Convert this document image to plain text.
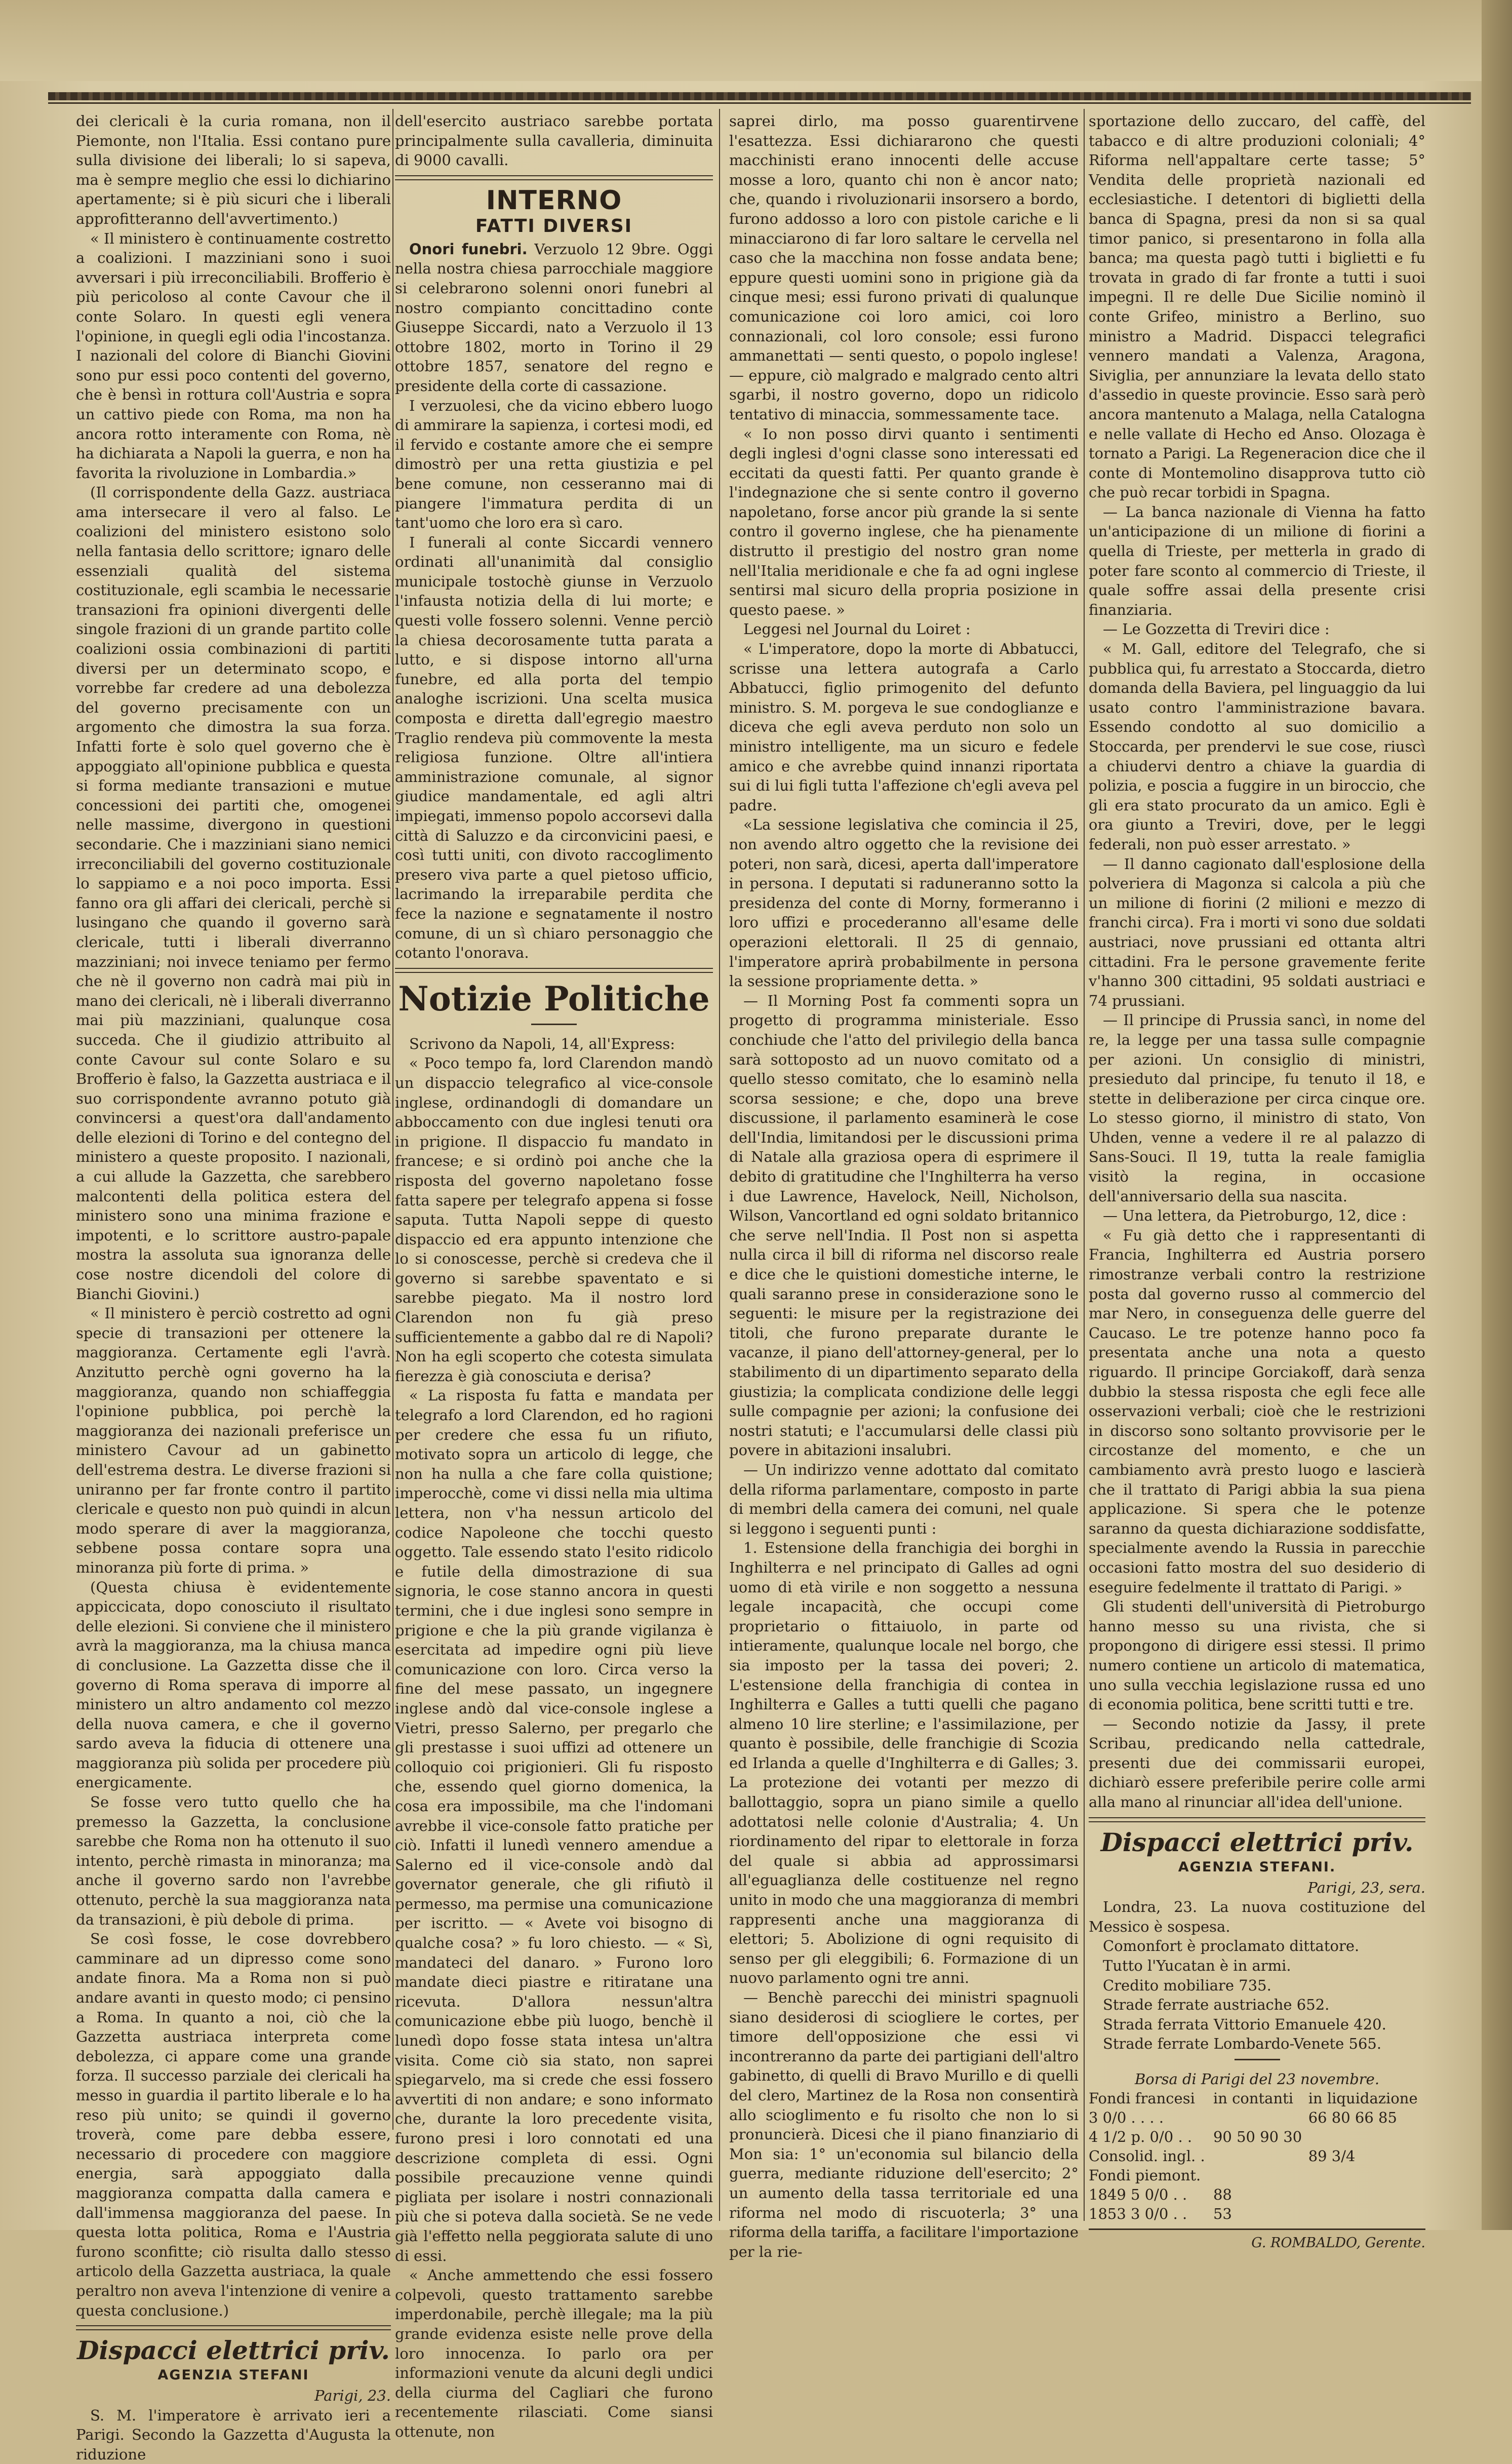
dei clericali è la curia romana, non il Piemonte, non l'Italia. Essi contano pure sulla divisione dei liberali; lo si sapeva, ma è sempre meglio che essi lo dichiarino apertamente; si è più sicuri che i liberali approfitteranno dell'avvertimento.)

« Il ministero è continuamente costretto a coalizioni. I mazziniani sono i suoi avversari i più irreconciliabili. Brofferio è più pericoloso al conte Cavour che il conte Solaro. In questi egli venera l'opinione, in quegli egli odia l'incostanza. I nazionali del colore di Bianchi Giovini sono pur essi poco contenti del governo, che è bensì in rottura coll'Austria e sopra un cattivo piede con Roma, ma non ha ancora rotto interamente con Roma, nè ha dichiarata a Napoli la guerra, e non ha favorita la rivoluzione in Lombardia.»

(Il corrispondente della Gazz. austriaca ama intersecare il vero al falso. Le coalizioni del ministero esistono solo nella fantasia dello scrittore; ignaro delle essenziali qualità del sistema costituzionale, egli scambia le necessarie transazioni fra opinioni divergenti delle singole frazioni di un grande partito colle coalizioni ossia combinazioni di partiti diversi per un determinato scopo, e vorrebbe far credere ad una debolezza del governo precisamente con un argomento che dimostra la sua forza. Infatti forte è solo quel governo che è appoggiato all'opinione pubblica e questa si forma mediante transazioni e mutue concessioni dei partiti che, omogenei nelle massime, divergono in questioni secondarie. Che i mazziniani siano nemici irreconciliabili del governo costituzionale lo sappiamo e a noi poco importa. Essi fanno ora gli affari dei clericali, perchè si lusingano che quando il governo sarà clericale, tutti i liberali diverranno mazziniani; noi invece teniamo per fermo che nè il governo non cadrà mai più in mano dei clericali, nè i liberali diverranno mai più mazziniani, qualunque cosa succeda. Che il giudizio attribuito al conte Cavour sul conte Solaro e su Brofferio è falso, la Gazzetta austriaca e il suo corrispondente avranno potuto già convincersi a quest'ora dall'andamento delle elezioni di Torino e del contegno del ministero a queste proposito. I nazionali, a cui allude la Gazzetta, che sarebbero malcontenti della politica estera del ministero sono una minima frazione e impotenti, e lo scrittore austro-papale mostra la assoluta sua ignoranza delle cose nostre dicendoli del colore di Bianchi Giovini.)

« Il ministero è perciò costretto ad ogni specie di transazioni per ottenere la maggioranza. Certamente egli l'avrà. Anzitutto perchè ogni governo ha la maggioranza, quando non schiaffeggia l'opinione pubblica, poi perchè la maggioranza dei nazionali preferisce un ministero Cavour ad un gabinetto dell'estrema destra. Le diverse frazioni si uniranno per far fronte contro il partito clericale e questo non può quindi in alcun modo sperare di aver la maggioranza, sebbene possa contare sopra una minoranza più forte di prima. »

(Questa chiusa è evidentemente appiccicata, dopo conosciuto il risultato delle elezioni. Si conviene che il ministero avrà la maggioranza, ma la chiusa manca di conclusione. La Gazzetta disse che il governo di Roma sperava di imporre al ministero un altro andamento col mezzo della nuova camera, e che il governo sardo aveva la fiducia di ottenere una maggioranza più solida per procedere più energicamente.

Se fosse vero tutto quello che ha premesso la Gazzetta, la conclusione sarebbe che Roma non ha ottenuto il suo intento, perchè rimasta in minoranza; ma anche il governo sardo non l'avrebbe ottenuto, perchè la sua maggioranza nata da transazioni, è più debole di prima.

Se così fosse, le cose dovrebbero camminare ad un dipresso come sono andate finora. Ma a Roma non si può andare avanti in questo modo; ci pensino a Roma. In quanto a noi, ciò che la Gazzetta austriaca interpreta come debolezza, ci appare come una grande forza. Il successo parziale dei clericali ha messo in guardia il partito liberale e lo ha reso più unito; se quindi il governo troverà, come pare debba essere, necessario di procedere con maggiore energia, sarà appoggiato dalla maggioranza compatta dalla camera e dall'immensa maggioranza del paese. In questa lotta politica, Roma e l'Austria furono sconfitte; ciò risulta dallo stesso articolo della Gazzetta austriaca, la quale peraltro non aveva l'intenzione di venire a questa conclusione.)

Dispacci elettrici priv.
AGENZIA STEFANI
Parigi, 23.

S. M. l'imperatore è arrivato ieri a Parigi. Secondo la Gazzetta d'Augusta la riduzione

dell'esercito austriaco sarebbe portata principalmente sulla cavalleria, diminuita di 9000 cavalli.

INTERNO
FATTI DIVERSI

Onori funebri. Verzuolo 12 9bre. Oggi nella nostra chiesa parrocchiale maggiore si celebrarono solenni onori funebri al nostro compianto concittadino conte Giuseppe Siccardi, nato a Verzuolo il 13 ottobre 1802, morto in Torino il 29 ottobre 1857, senatore del regno e presidente della corte di cassazione.

I verzuolesi, che da vicino ebbero luogo di ammirare la sapienza, i cortesi modi, ed il fervido e costante amore che ei sempre dimostrò per una retta giustizia e pel bene comune, non cesseranno mai di piangere l'immatura perdita di un tant'uomo che loro era sì caro.

I funerali al conte Siccardi vennero ordinati all'unanimità dal consiglio municipale tostochè giunse in Verzuolo l'infausta notizia della di lui morte; e questi volle fossero solenni. Venne perciò la chiesa decorosamente tutta parata a lutto, e si dispose intorno all'urna funebre, ed alla porta del tempio analoghe iscrizioni. Una scelta musica composta e diretta dall'egregio maestro Traglio rendeva più commovente la mesta religiosa funzione. Oltre all'intiera amministrazione comunale, al signor giudice mandamentale, ed agli altri impiegati, immenso popolo accorsevi dalla città di Saluzzo e da circonvicini paesi, e così tutti uniti, con divoto raccoglimento presero viva parte a quel pietoso ufficio, lacrimando la irreparabile perdita che fece la nazione e segnatamente il nostro comune, di un sì chiaro personaggio che cotanto l'onorava.

Notizie Politiche

Scrivono da Napoli, 14, all'Express:

« Poco tempo fa, lord Clarendon mandò un dispaccio telegrafico al vice-console inglese, ordinandogli di domandare un abboccamento con due inglesi tenuti ora in prigione. Il dispaccio fu mandato in francese; e si ordinò poi anche che la risposta del governo napoletano fosse fatta sapere per telegrafo appena si fosse saputa. Tutta Napoli seppe di questo dispaccio ed era appunto intenzione che lo si conoscesse, perchè si credeva che il governo si sarebbe spaventato e si sarebbe piegato. Ma il nostro lord Clarendon non fu già preso sufficientemente a gabbo dal re di Napoli? Non ha egli scoperto che cotesta simulata fierezza è già conosciuta e derisa?

« La risposta fu fatta e mandata per telegrafo a lord Clarendon, ed ho ragioni per credere che essa fu un rifiuto, motivato sopra un articolo di legge, che non ha nulla a che fare colla quistione; imperocchè, come vi dissi nella mia ultima lettera, non v'ha nessun articolo del codice Napoleone che tocchi questo oggetto. Tale essendo stato l'esito ridicolo e futile della dimostrazione di sua signoria, le cose stanno ancora in questi termini, che i due inglesi sono sempre in prigione e che la più grande vigilanza è esercitata ad impedire ogni più lieve comunicazione con loro. Circa verso la fine del mese passato, un ingegnere inglese andò dal vice-console inglese a Vietri, presso Salerno, per pregarlo che gli prestasse i suoi uffizi ad ottenere un colloquio coi prigionieri. Gli fu risposto che, essendo quel giorno domenica, la cosa era impossibile, ma che l'indomani avrebbe il vice-console fatto pratiche per ciò. Infatti il lunedì vennero amendue a Salerno ed il vice-console andò dal governator generale, che gli rifiutò il permesso, ma permise una comunicazione per iscritto. — « Avete voi bisogno di qualche cosa? » fu loro chiesto. — « Sì, mandateci del danaro. » Furono loro mandate dieci piastre e ritiratane una ricevuta. D'allora nessun'altra comunicazione ebbe più luogo, benchè il lunedì dopo fosse stata intesa un'altra visita. Come ciò sia stato, non saprei spiegarvelo, ma si crede che essi fossero avvertiti di non andare; e sono informato che, durante la loro precedente visita, furono presi i loro connotati ed una descrizione completa di essi. Ogni possibile precauzione venne quindi pigliata per isolare i nostri connazionali più che si poteva dalla società. Se ne vede già l'effetto nella peggiorata salute di uno di essi.

« Anche ammettendo che essi fossero colpevoli, questo trattamento sarebbe imperdonabile, perchè illegale; ma la più grande evidenza esiste nelle prove della loro innocenza. Io parlo ora per informazioni venute da alcuni degli undici della ciurma del Cagliari che furono recentemente rilasciati. Come siansi ottenute, non

saprei dirlo, ma posso guarentirvene l'esattezza. Essi dichiararono che questi macchinisti erano innocenti delle accuse mosse a loro, quanto chi non è ancor nato; che, quando i rivoluzionarii insorsero a bordo, furono addosso a loro con pistole cariche e li minacciarono di far loro saltare le cervella nel caso che la macchina non fosse andata bene; eppure questi uomini sono in prigione già da cinque mesi; essi furono privati di qualunque comunicazione coi loro amici, coi loro connazionali, col loro console; essi furono ammanettati — senti questo, o popolo inglese! — eppure, ciò malgrado e malgrado cento altri sgarbi, il nostro governo, dopo un ridicolo tentativo di minaccia, sommessamente tace.

« Io non posso dirvi quanto i sentimenti degli inglesi d'ogni classe sono interessati ed eccitati da questi fatti. Per quanto grande è l'indegnazione che si sente contro il governo napoletano, forse ancor più grande la si sente contro il governo inglese, che ha pienamente distrutto il prestigio del nostro gran nome nell'Italia meridionale e che fa ad ogni inglese sentirsi mal sicuro della propria posizione in questo paese. »

Leggesi nel Journal du Loiret :

« L'imperatore, dopo la morte di Abbatucci, scrisse una lettera autografa a Carlo Abbatucci, figlio primogenito del defunto ministro. S. M. porgeva le sue condoglianze e diceva che egli aveva perduto non solo un ministro intelligente, ma un sicuro e fedele amico e che avrebbe quind innanzi riportata sui di lui figli tutta l'affezione ch'egli aveva pel padre.

«La sessione legislativa che comincia il 25, non avendo altro oggetto che la revisione dei poteri, non sarà, dicesi, aperta dall'imperatore in persona. I deputati si raduneranno sotto la presidenza del conte di Morny, formeranno i loro uffizi e procederanno all'esame delle operazioni elettorali. Il 25 di gennaio, l'imperatore aprirà probabilmente in persona la sessione propriamente detta. »

— Il Morning Post fa commenti sopra un progetto di programma ministeriale. Esso conchiude che l'atto del privilegio della banca sarà sottoposto ad un nuovo comitato od a quello stesso comitato, che lo esaminò nella scorsa sessione; e che, dopo una breve discussione, il parlamento esaminerà le cose dell'India, limitandosi per le discussioni prima di Natale alla graziosa opera di esprimere il debito di gratitudine che l'Inghilterra ha verso i due Lawrence, Havelock, Neill, Nicholson, Wilson, Vancortland ed ogni soldato britannico che serve nell'India. Il Post non si aspetta nulla circa il bill di riforma nel discorso reale e dice che le quistioni domestiche interne, le quali saranno prese in considerazione sono le seguenti: le misure per la registrazione dei titoli, che furono preparate durante le vacanze, il piano dell'attorney-general, per lo stabilimento di un dipartimento separato della giustizia; la complicata condizione delle leggi sulle compagnie per azioni; la confusione dei nostri statuti; e l'accumularsi delle classi più povere in abitazioni insalubri.

— Un indirizzo venne adottato dal comitato della riforma parlamentare, composto in parte di membri della camera dei comuni, nel quale si leggono i seguenti punti :

1. Estensione della franchigia dei borghi in Inghilterra e nel principato di Galles ad ogni uomo di età virile e non soggetto a nessuna legale incapacità, che occupi come proprietario o fittaiuolo, in parte od intieramente, qualunque locale nel borgo, che sia imposto per la tassa dei poveri; 2. L'estensione della franchigia di contea in Inghilterra e Galles a tutti quelli che pagano almeno 10 lire sterline; e l'assimilazione, per quanto è possibile, delle franchigie di Scozia ed Irlanda a quelle d'Inghilterra e di Galles; 3. La protezione dei votanti per mezzo di ballottaggio, sopra un piano simile a quello adottatosi nelle colonie d'Australia; 4. Un riordinamento del ripar to elettorale in forza del quale si abbia ad approssimarsi all'eguaglianza delle costituenze nel regno unito in modo che una maggioranza di membri rappresenti anche una maggioranza di elettori; 5. Abolizione di ogni requisito di senso per gli eleggibili; 6. Formazione di un nuovo parlamento ogni tre anni.

— Benchè parecchi dei ministri spagnuoli siano desiderosi di sciogliere le cortes, per timore dell'opposizione che essi vi incontreranno da parte dei partigiani dell'altro gabinetto, di quelli di Bravo Murillo e di quelli del clero, Martinez de la Rosa non consentirà allo scioglimento e fu risolto che non lo si pronuncierà. Dicesi che il piano finanziario di Mon sia: 1° un'economia sul bilancio della guerra, mediante riduzione dell'esercito; 2° un aumento della tassa territoriale ed una riforma nel modo di riscuoterla; 3° una riforma della tariffa, a facilitare l'importazione per la rie-

sportazione dello zuccaro, del caffè, del tabacco e di altre produzioni coloniali; 4° Riforma nell'appaltare certe tasse; 5° Vendita delle proprietà nazionali ed ecclesiastiche. I detentori di biglietti della banca di Spagna, presi da non si sa qual timor panico, si presentarono in folla alla banca; ma questa pagò tutti i biglietti e fu trovata in grado di far fronte a tutti i suoi impegni. Il re delle Due Sicilie nominò il conte Grifeo, ministro a Berlino, suo ministro a Madrid. Dispacci telegrafici vennero mandati a Valenza, Aragona, Siviglia, per annunziare la levata dello stato d'assedio in queste provincie. Esso sarà però ancora mantenuto a Malaga, nella Catalogna e nelle vallate di Hecho ed Anso. Olozaga è tornato a Parigi. La Regeneracion dice che il conte di Montemolino disapprova tutto ciò che può recar torbidi in Spagna.

— La banca nazionale di Vienna ha fatto un'anticipazione di un milione di fiorini a quella di Trieste, per metterla in grado di poter fare sconto al commercio di Trieste, il quale soffre assai della presente crisi finanziaria.

— Le Gozzetta di Treviri dice :

« M. Gall, editore del Telegrafo, che si pubblica qui, fu arrestato a Stoccarda, dietro domanda della Baviera, pel linguaggio da lui usato contro l'amministrazione bavara. Essendo condotto al suo domicilio a Stoccarda, per prendervi le sue cose, riuscì a chiudervi dentro a chiave la guardia di polizia, e poscia a fuggire in un biroccio, che gli era stato procurato da un amico. Egli è ora giunto a Treviri, dove, per le leggi federali, non può esser arrestato. »

— Il danno cagionato dall'esplosione della polveriera di Magonza si calcola a più che un milione di fiorini (2 milioni e mezzo di franchi circa). Fra i morti vi sono due soldati austriaci, nove prussiani ed ottanta altri cittadini. Fra le persone gravemente ferite v'hanno 300 cittadini, 95 soldati austriaci e 74 prussiani.

— Il principe di Prussia sancì, in nome del re, la legge per una tassa sulle compagnie per azioni. Un consiglio di ministri, presieduto dal principe, fu tenuto il 18, e stette in deliberazione per circa cinque ore. Lo stesso giorno, il ministro di stato, Von Uhden, venne a vedere il re al palazzo di Sans-Souci. Il 19, tutta la reale famiglia visitò la regina, in occasione dell'anniversario della sua nascita.

— Una lettera, da Pietroburgo, 12, dice :

« Fu già detto che i rappresentanti di Francia, Inghilterra ed Austria porsero rimostranze verbali contro la restrizione posta dal governo russo al commercio del mar Nero, in conseguenza delle guerre del Caucaso. Le tre potenze hanno poco fa presentata anche una nota a questo riguardo. Il principe Gorciakoff, darà senza dubbio la stessa risposta che egli fece alle osservazioni verbali; cioè che le restrizioni in discorso sono soltanto provvisorie per le circostanze del momento, e che un cambiamento avrà presto luogo e lascierà che il trattato di Parigi abbia la sua piena applicazione. Si spera che le potenze saranno da questa dichiarazione soddisfatte, specialmente avendo la Russia in parecchie occasioni fatto mostra del suo desiderio di eseguire fedelmente il trattato di Parigi. »

Gli studenti dell'università di Pietroburgo hanno messo su una rivista, che si propongono di dirigere essi stessi. Il primo numero contiene un articolo di matematica, uno sulla vecchia legislazione russa ed uno di economia politica, bene scritti tutti e tre.

— Secondo notizie da Jassy, il prete Scribau, predicando nella cattedrale, presenti due dei commissarii europei, dichiarò essere preferibile perire colle armi alla mano al rinunciar all'idea dell'unione.

Dispacci elettrici priv.
AGENZIA STEFANI.
Parigi, 23, sera.

Londra, 23. La nuova costituzione del Messico è sospesa.

Comonfort è proclamato dittatore.

Tutto l'Yucatan è in armi.

Credito mobiliare 735.

Strade ferrate austriache 652.

Strada ferrata Vittorio Emanuele 420.

Strade ferrate Lombardo-Venete 565.

Borsa di Parigi del 23 novembre.
Fondi francesi	in contanti	in liquidazione
3 0/0 . . . .		66 80 66 85
4 1/2 p. 0/0 . .	90 50 90 30	
Consolid. ingl. .		89 3/4
Fondi piemont.		
1849 5 0/0 . .	88	
1853 3 0/0 . .	53	
G. ROMBALDO, Gerente.
